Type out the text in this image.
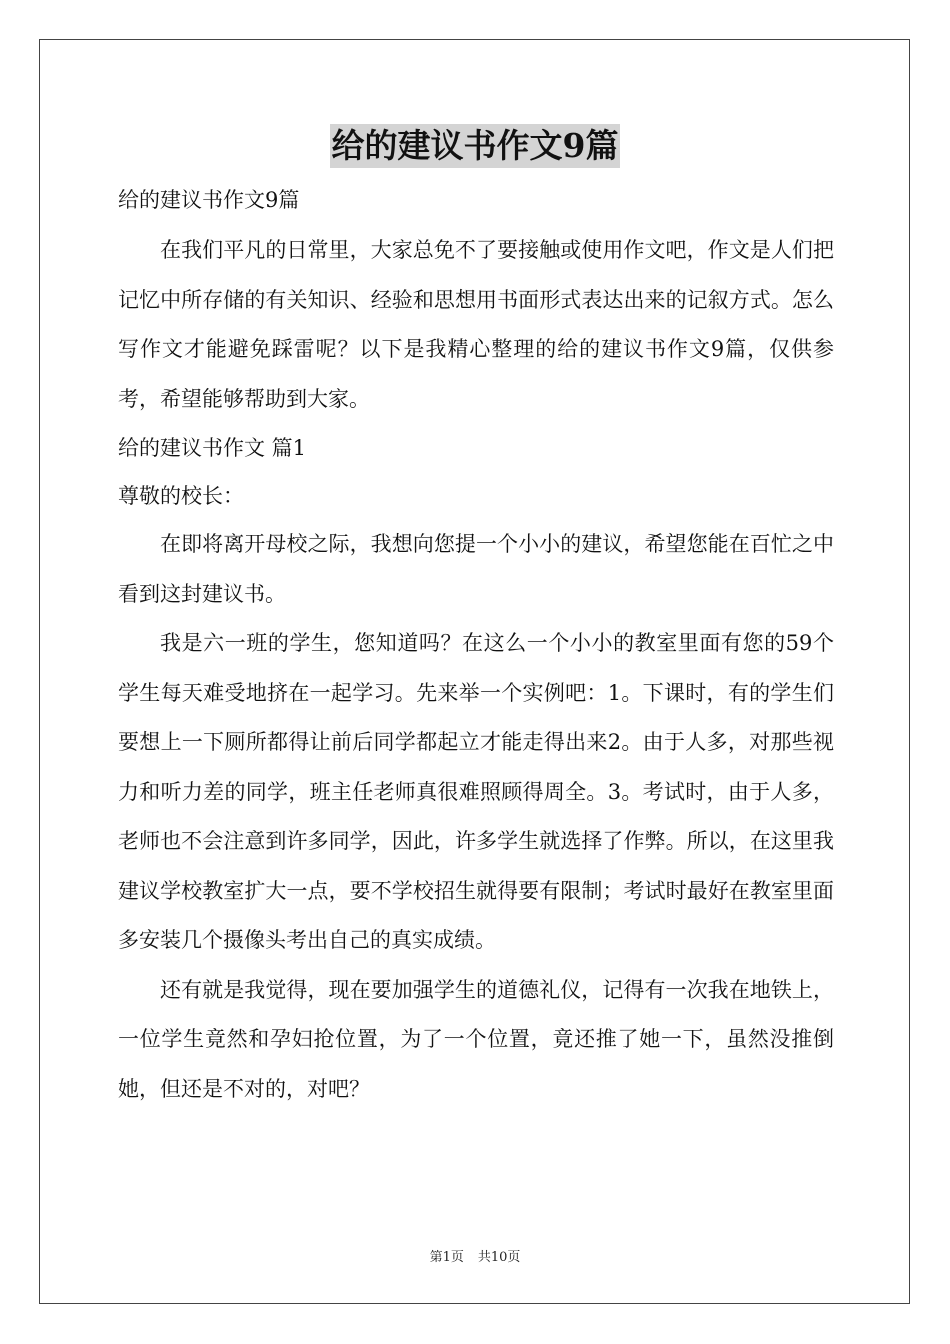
给的建议书作文9篇

给的建议书作文9篇

在我们平凡的日常里，大家总免不了要接触或使用作文吧，作文是人们把记忆中所存储的有关知识、经验和思想用书面形式表达出来的记叙方式。怎么写作文才能避免踩雷呢？以下是我精心整理的给的建议书作文9篇，仅供参考，希望能够帮助到大家。

给的建议书作文 篇1

尊敬的校长：

在即将离开母校之际，我想向您提一个小小的建议，希望您能在百忙之中看到这封建议书。

我是六一班的学生，您知道吗？在这么一个小小的教室里面有您的59个学生每天难受地挤在一起学习。先来举一个实例吧：1。下课时，有的学生们要想上一下厕所都得让前后同学都起立才能走得出来2。由于人多，对那些视力和听力差的同学，班主任老师真很难照顾得周全。3。考试时，由于人多，老师也不会注意到许多同学，因此，许多学生就选择了作弊。所以，在这里我建议学校教室扩大一点，要不学校招生就得要有限制；考试时最好在教室里面多安装几个摄像头考出自己的真实成绩。

还有就是我觉得，现在要加强学生的道德礼仪，记得有一次我在地铁上，一位学生竟然和孕妇抢位置，为了一个位置，竟还推了她一下，虽然没推倒她，但还是不对的，对吧？

第1页 共10页
